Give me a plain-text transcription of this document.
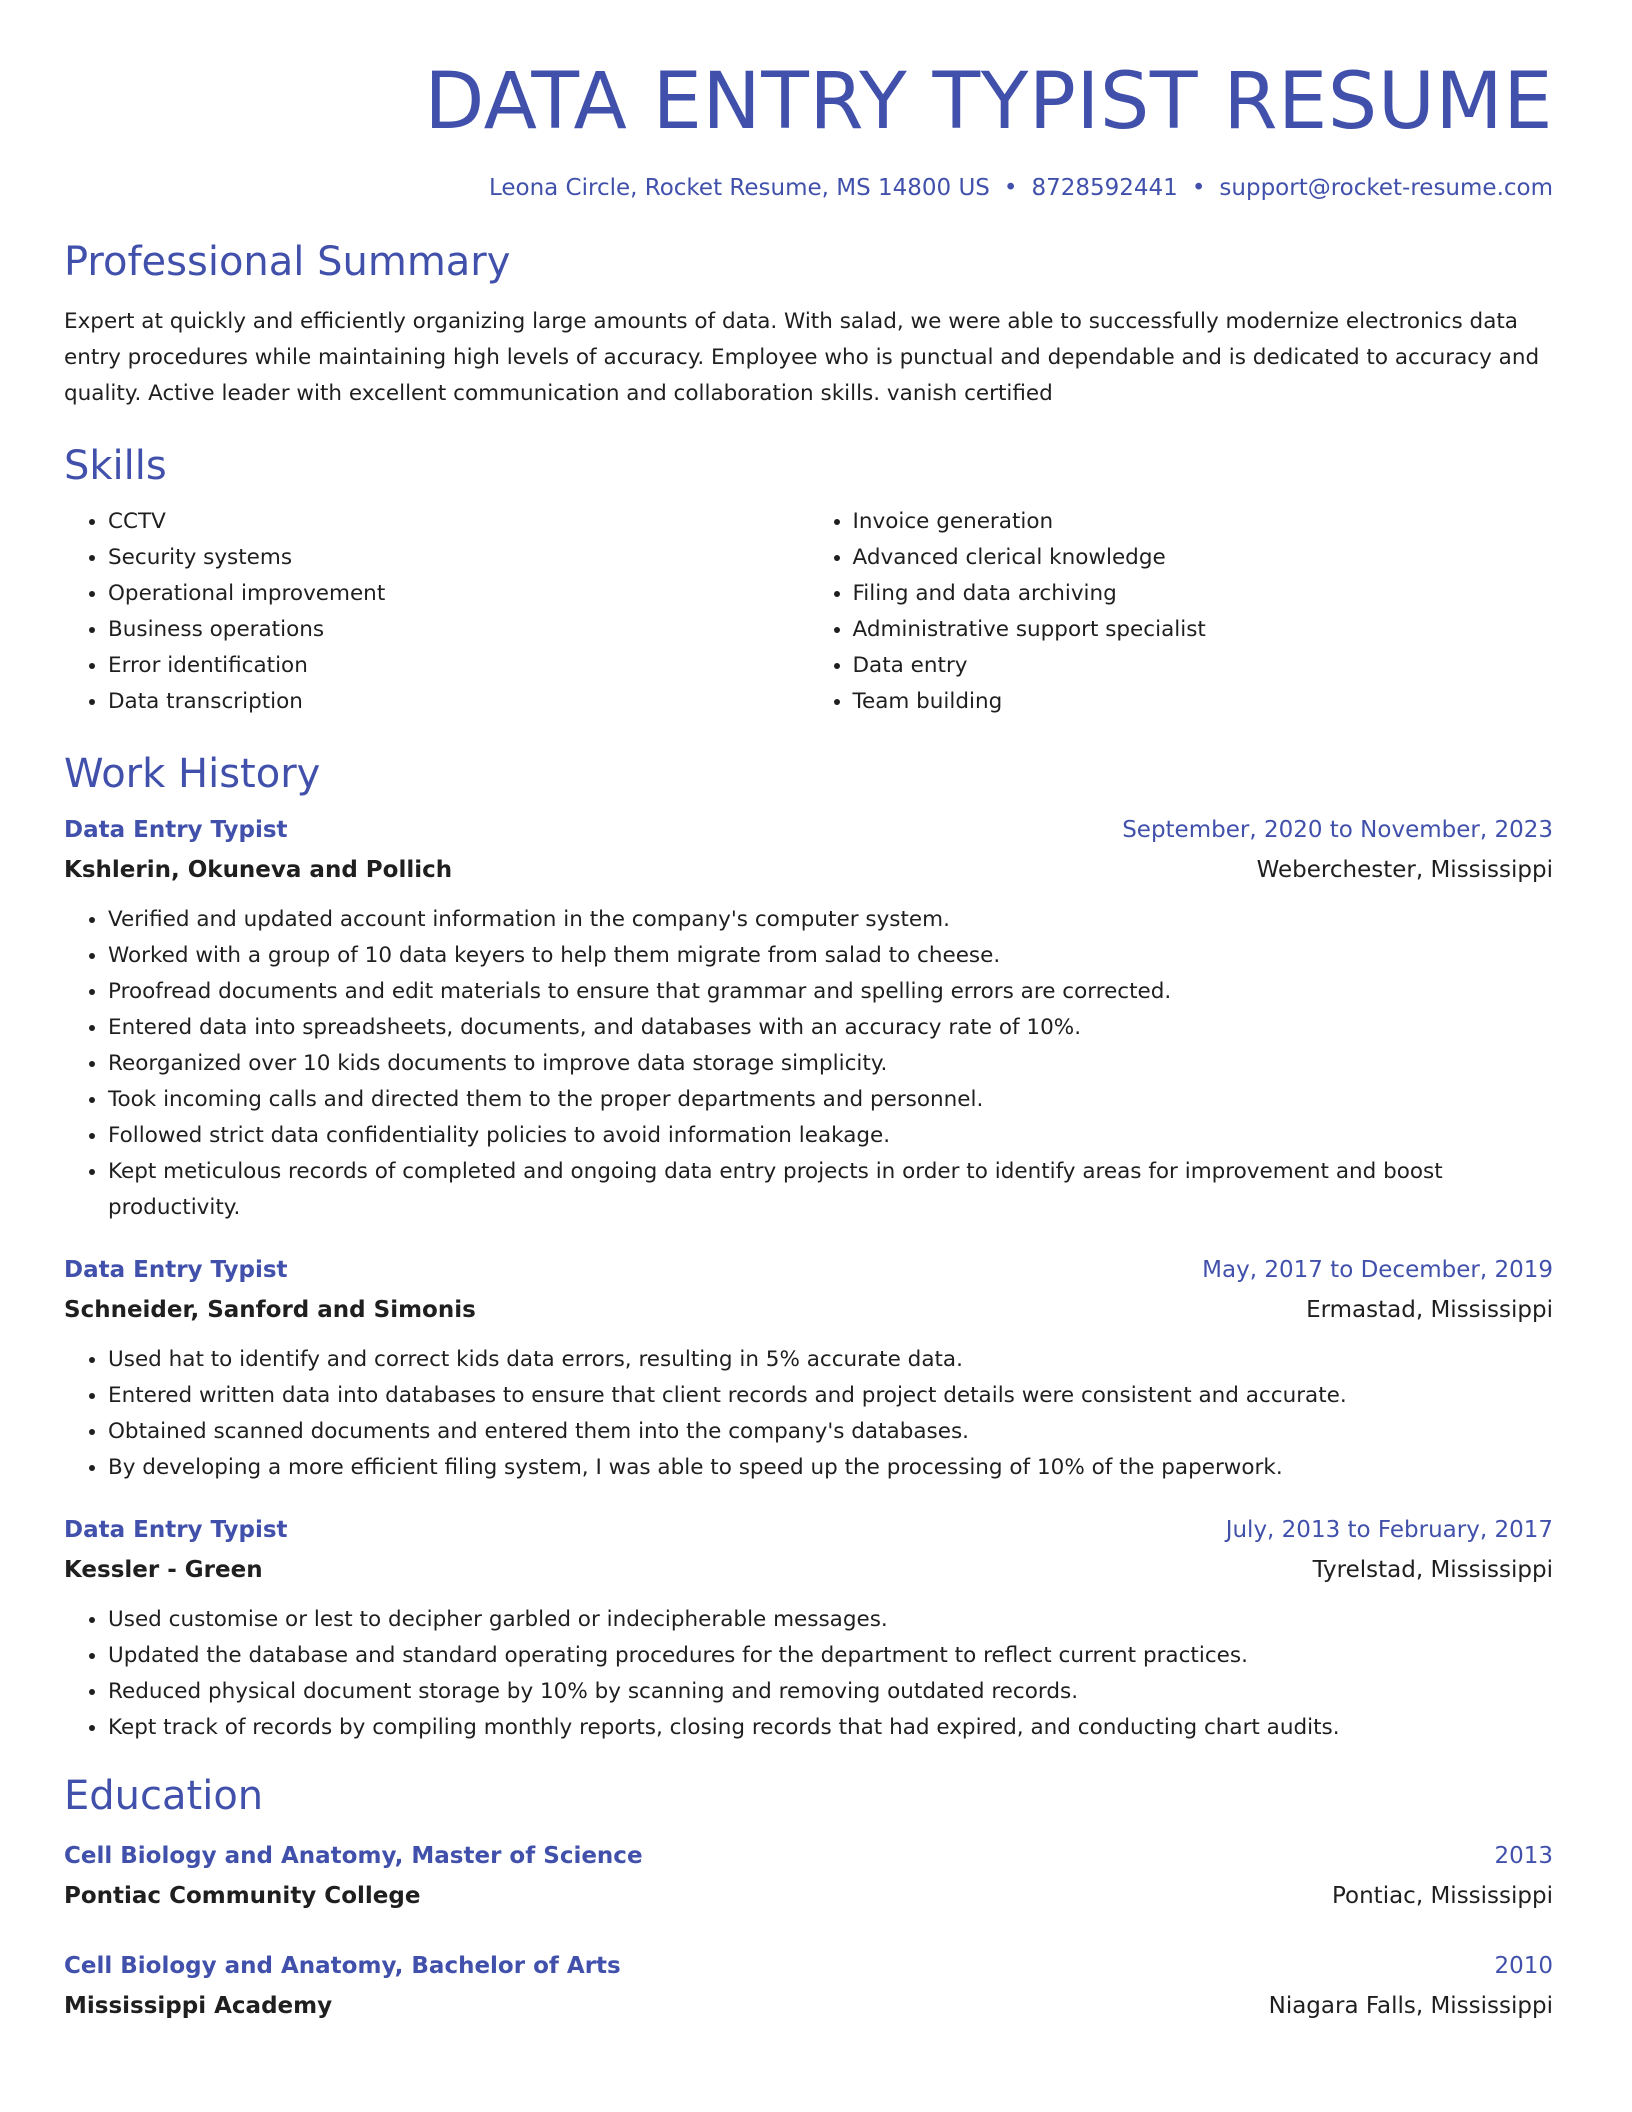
DATA ENTRY TYPIST RESUME
Leona Circle, Rocket Resume, MS 14800 US • 8728592441 • support@rocket-resume.com
Professional Summary
Expert at quickly and efficiently organizing large amounts of data. With salad, we were able to successfully modernize electronics data entry procedures while maintaining high levels of accuracy. Employee who is punctual and dependable and is dedicated to accuracy and quality. Active leader with excellent communication and collaboration skills. vanish certified
Skills
• CCTV
• Security systems
• Operational improvement
• Business operations
• Error identification
• Data transcription
• Invoice generation
• Advanced clerical knowledge
• Filing and data archiving
• Administrative support specialist
• Data entry
• Team building
Work History
Data Entry Typist	September, 2020 to November, 2023
Kshlerin, Okuneva and Pollich	Weberchester, Mississippi
• Verified and updated account information in the company's computer system.
• Worked with a group of 10 data keyers to help them migrate from salad to cheese.
• Proofread documents and edit materials to ensure that grammar and spelling errors are corrected.
• Entered data into spreadsheets, documents, and databases with an accuracy rate of 10%.
• Reorganized over 10 kids documents to improve data storage simplicity.
• Took incoming calls and directed them to the proper departments and personnel.
• Followed strict data confidentiality policies to avoid information leakage.
• Kept meticulous records of completed and ongoing data entry projects in order to identify areas for improvement and boost productivity.
Data Entry Typist	May, 2017 to December, 2019
Schneider, Sanford and Simonis	Ermastad, Mississippi
• Used hat to identify and correct kids data errors, resulting in 5% accurate data.
• Entered written data into databases to ensure that client records and project details were consistent and accurate.
• Obtained scanned documents and entered them into the company's databases.
• By developing a more efficient filing system, I was able to speed up the processing of 10% of the paperwork.
Data Entry Typist	July, 2013 to February, 2017
Kessler - Green	Tyrelstad, Mississippi
• Used customise or lest to decipher garbled or indecipherable messages.
• Updated the database and standard operating procedures for the department to reflect current practices.
• Reduced physical document storage by 10% by scanning and removing outdated records.
• Kept track of records by compiling monthly reports, closing records that had expired, and conducting chart audits.
Education
Cell Biology and Anatomy, Master of Science	2013
Pontiac Community College	Pontiac, Mississippi
Cell Biology and Anatomy, Bachelor of Arts	2010
Mississippi Academy	Niagara Falls, Mississippi
